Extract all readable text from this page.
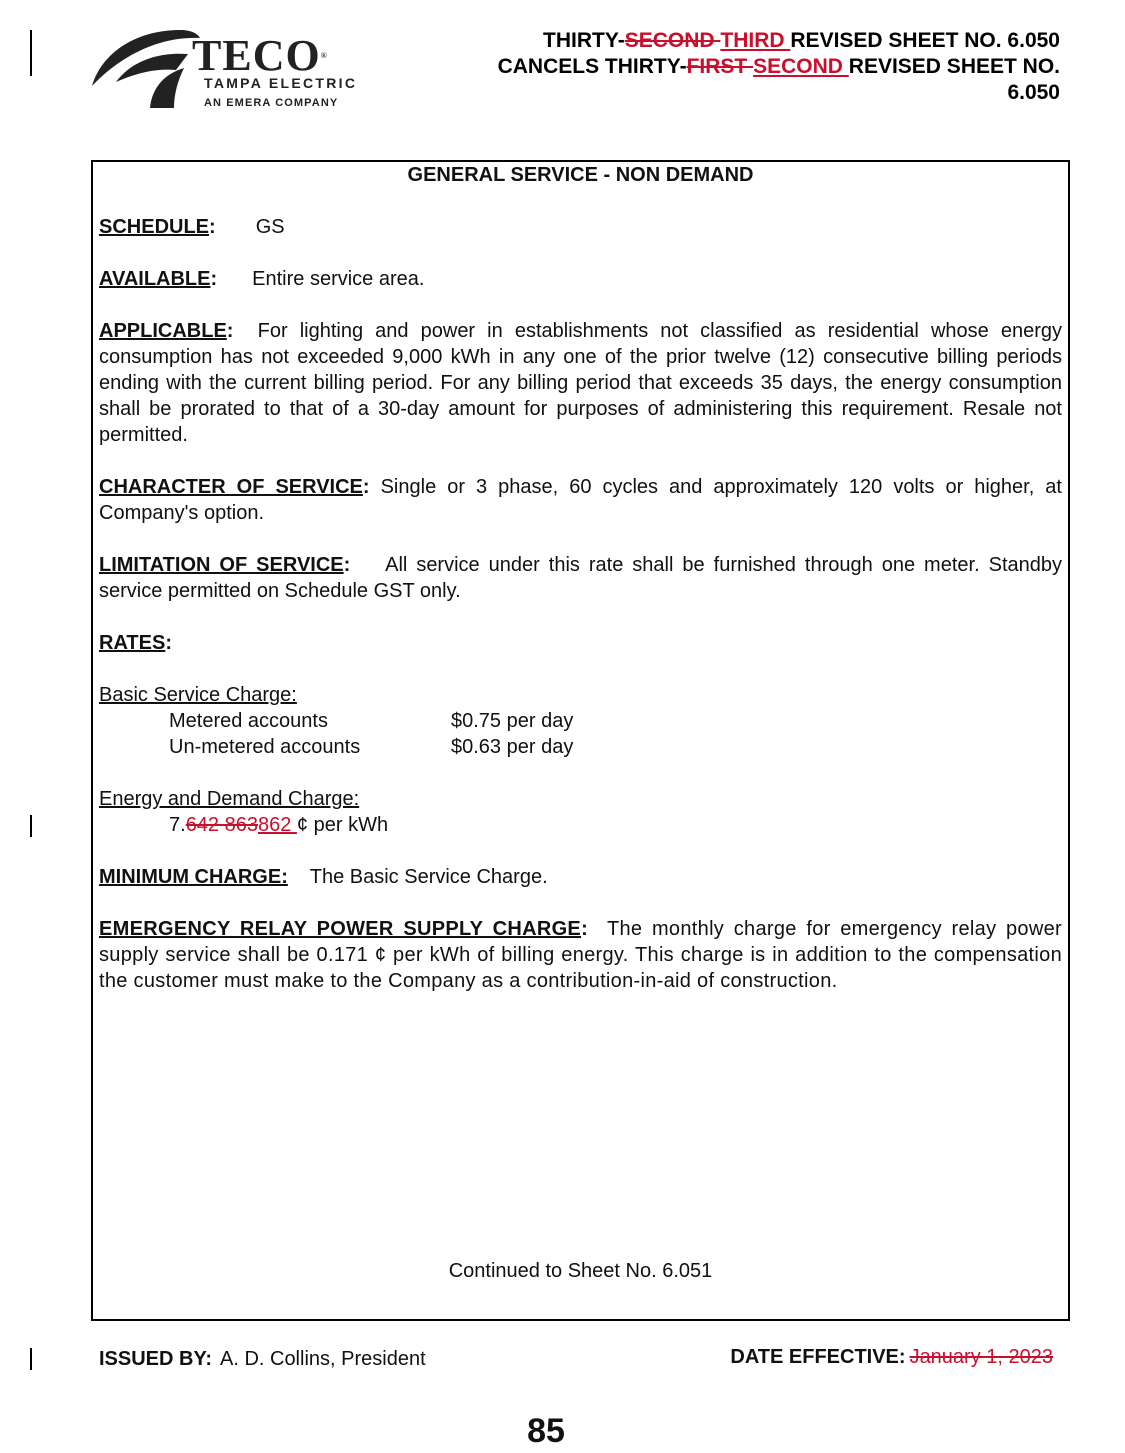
TECO®
TAMPA ELECTRIC
AN EMERA COMPANY
THIRTY-SECOND THIRD REVISED SHEET NO. 6.050
CANCELS THIRTY-FIRST SECOND REVISED SHEET NO.
6.050
GENERAL SERVICE - NON DEMAND

SCHEDULE: GS

AVAILABLE: Entire service area.

APPLICABLE: For lighting and power in establishments not classified as residential whose energy consumption has not exceeded 9,000 kWh in any one of the prior twelve (12) consecutive billing periods ending with the current billing period. For any billing period that exceeds 35 days, the energy consumption shall be prorated to that of a 30-day amount for purposes of administering this requirement. Resale not permitted.

CHARACTER OF SERVICE: Single or 3 phase, 60 cycles and approximately 120 volts or higher, at Company's option.

LIMITATION OF SERVICE: All service under this rate shall be furnished through one meter. Standby service permitted on Schedule GST only.

RATES:

Basic Service Charge:
Metered accounts	$0.75 per day
Un-metered accounts	$0.63 per day
Energy and Demand Charge:
7.642 863862 ¢ per kWh

MINIMUM CHARGE: The Basic Service Charge.

EMERGENCY RELAY POWER SUPPLY CHARGE: The monthly charge for emergency relay power supply service shall be 0.171 ¢ per kWh of billing energy. This charge is in addition to the compensation the customer must make to the Company as a contribution-in-aid of construction.

Continued to Sheet No. 6.051
ISSUED BY: A. D. Collins, President	DATE EFFECTIVE: January 1, 2023
85
